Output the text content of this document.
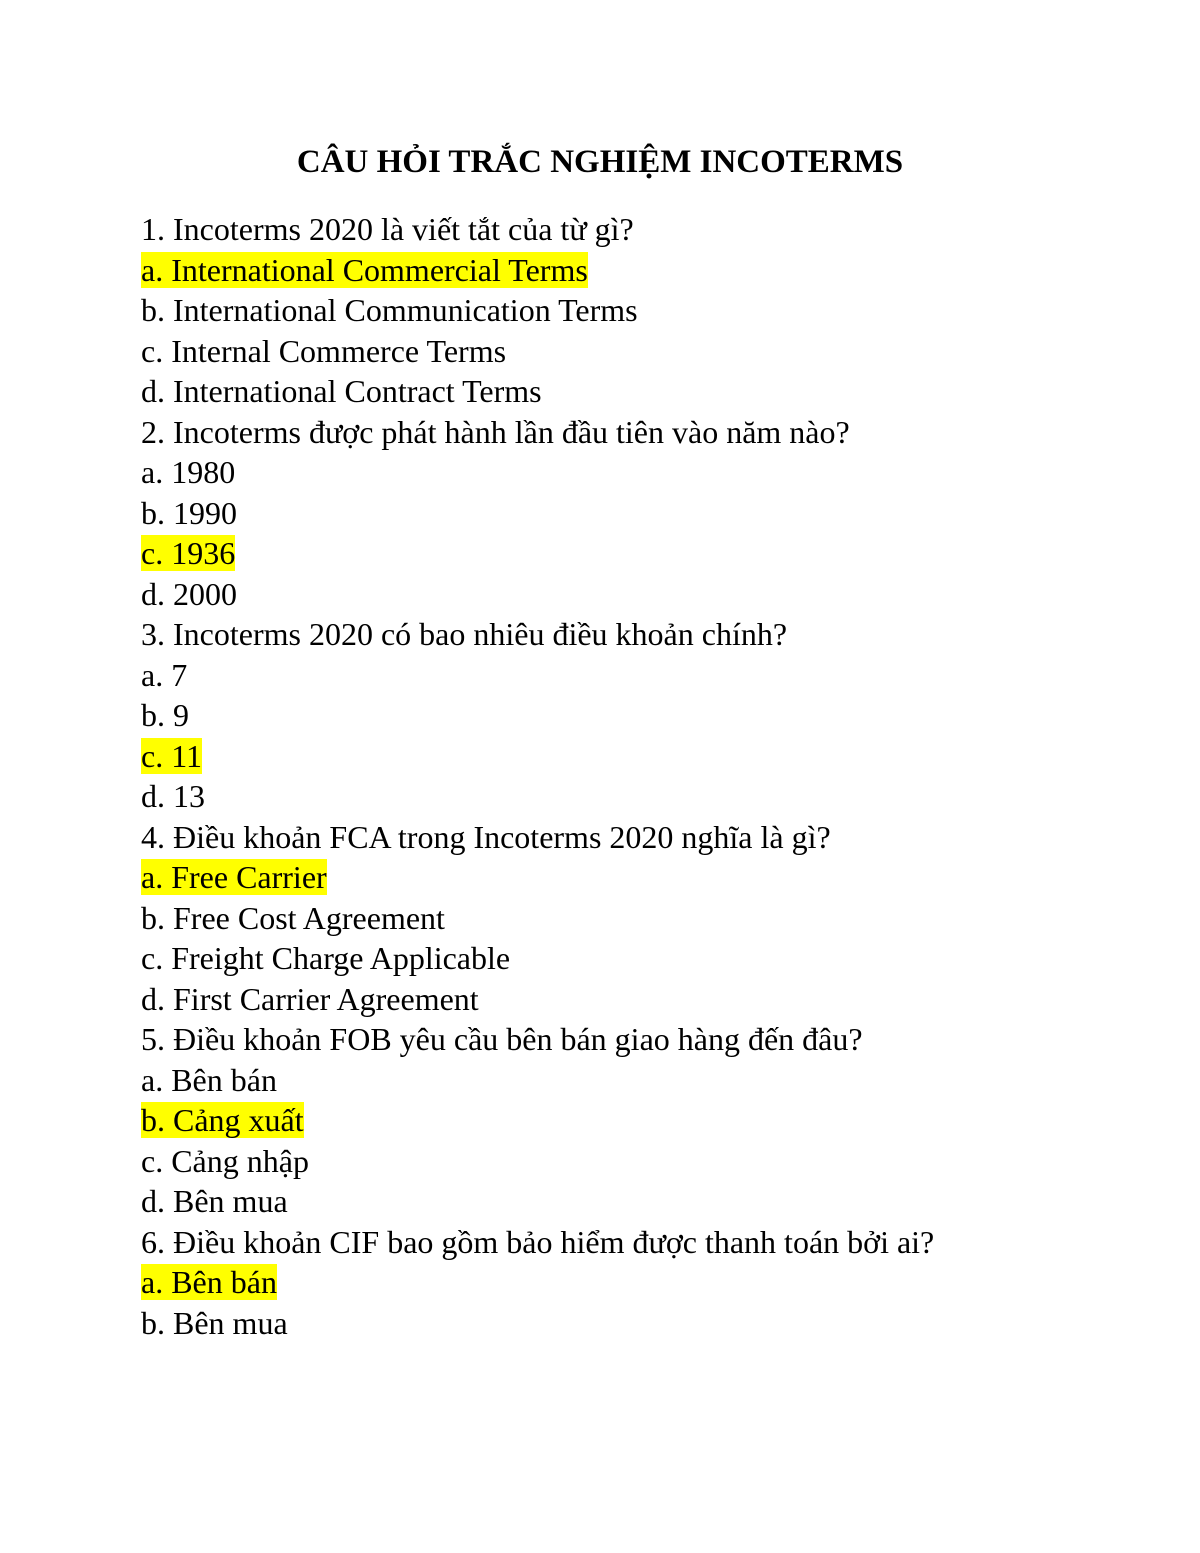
CÂU HỎI TRẮC NGHIỆM INCOTERMS
1. Incoterms 2020 là viết tắt của từ gì?
a. International Commercial Terms
b. International Communication Terms
c. Internal Commerce Terms
d. International Contract Terms
2. Incoterms được phát hành lần đầu tiên vào năm nào?
a. 1980
b. 1990
c. 1936
d. 2000
3. Incoterms 2020 có bao nhiêu điều khoản chính?
a. 7
b. 9
c. 11
d. 13
4. Điều khoản FCA trong Incoterms 2020 nghĩa là gì?
a. Free Carrier
b. Free Cost Agreement
c. Freight Charge Applicable
d. First Carrier Agreement
5. Điều khoản FOB yêu cầu bên bán giao hàng đến đâu?
a. Bên bán
b. Cảng xuất
c. Cảng nhập
d. Bên mua
6. Điều khoản CIF bao gồm bảo hiểm được thanh toán bởi ai?
a. Bên bán
b. Bên mua
